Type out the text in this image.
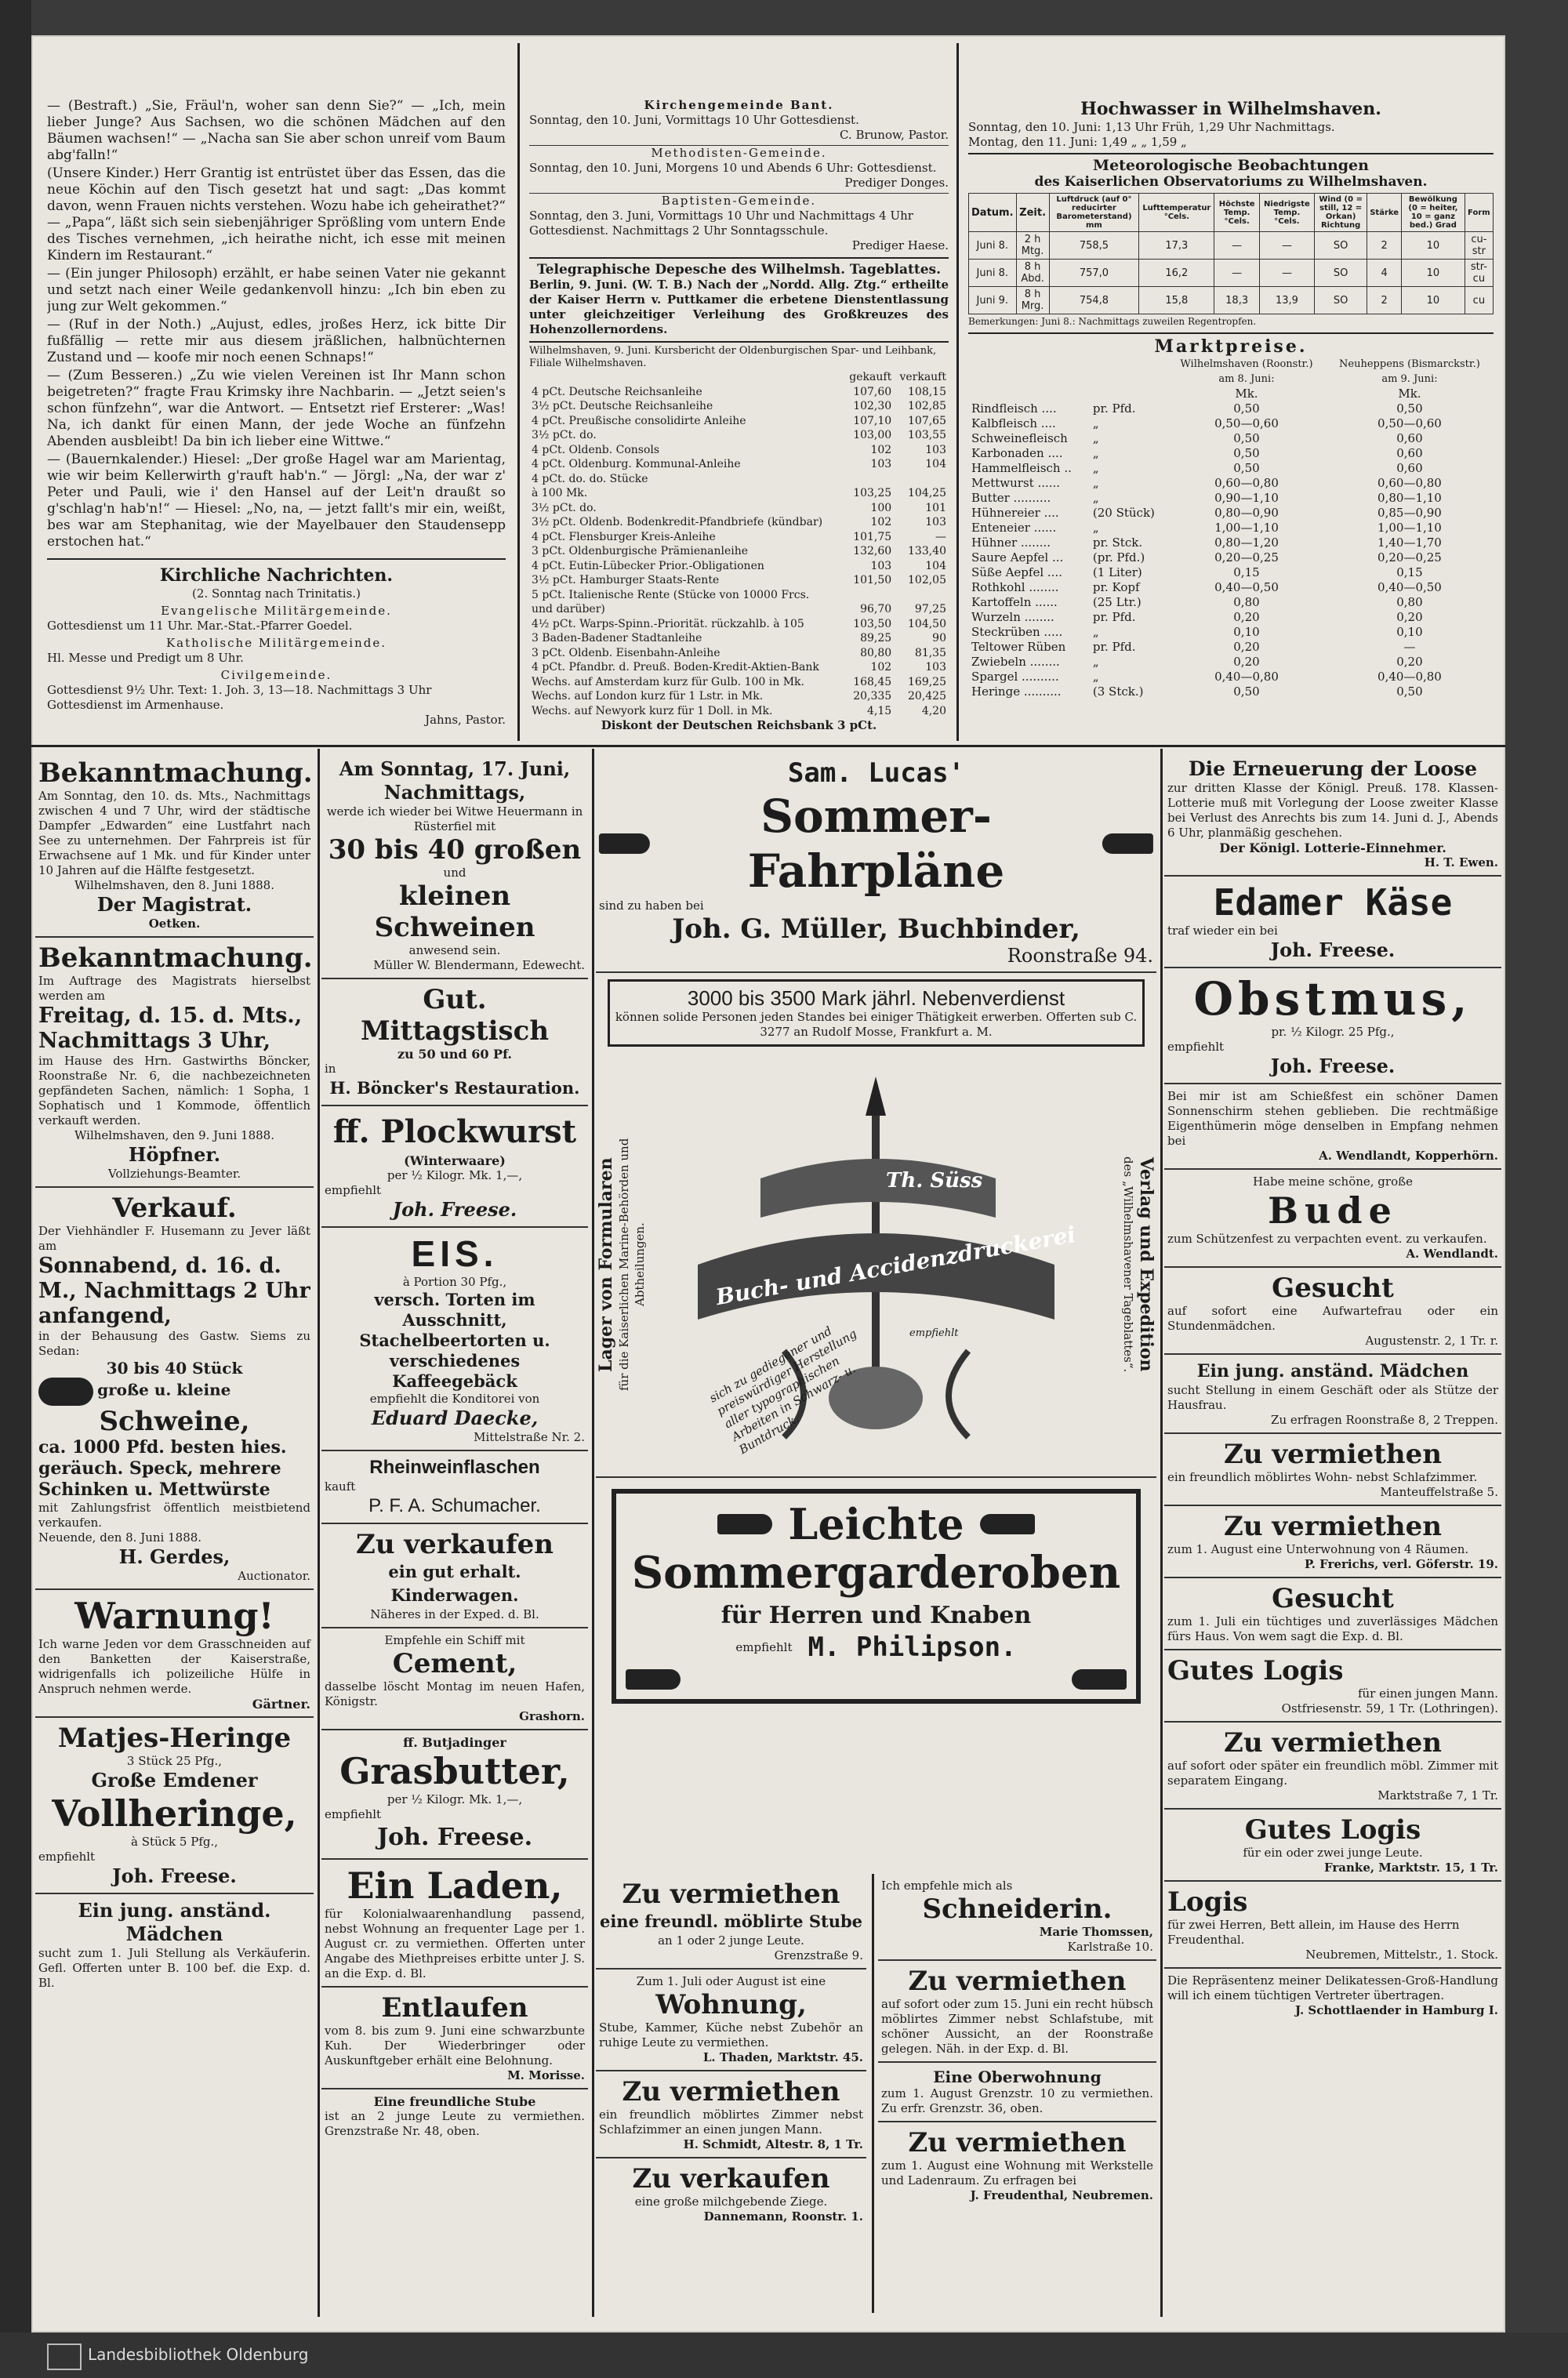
— (Bestraft.) „Sie, Fräul'n, woher san denn Sie?“ — „Ich, mein lieber Junge? Aus Sachsen, wo die schönen Mädchen auf den Bäumen wachsen!“ — „Nacha san Sie aber schon unreif vom Baum abg'falln!“

(Unsere Kinder.) Herr Grantig ist entrüstet über das Essen, das die neue Köchin auf den Tisch gesetzt hat und sagt: „Das kommt davon, wenn Frauen nichts verstehen. Wozu habe ich geheirathet?“ — „Papa“, läßt sich sein siebenjähriger Sprößling vom untern Ende des Tisches vernehmen, „ich heirathe nicht, ich esse mit meinen Kindern im Restaurant.“

— (Ein junger Philosoph) erzählt, er habe seinen Vater nie gekannt und setzt nach einer Weile gedankenvoll hinzu: „Ich bin eben zu jung zur Welt gekommen.“

— (Ruf in der Noth.) „Aujust, edles, jroßes Herz, ick bitte Dir fußfällig — rette mir aus diesem jräßlichen, halbnüchternen Zustand und — koofe mir noch eenen Schnaps!“

— (Zum Besseren.) „Zu wie vielen Vereinen ist Ihr Mann schon beigetreten?“ fragte Frau Krimsky ihre Nachbarin. — „Jetzt seien's schon fünfzehn“, war die Antwort. — Entsetzt rief Ersterer: „Was! Na, ich dankt für einen Mann, der jede Woche an fünfzehn Abenden ausbleibt! Da bin ich lieber eine Wittwe.“

— (Bauernkalender.) Hiesel: „Der große Hagel war am Marientag, wie wir beim Kellerwirth g'rauft hab'n.“ — Jörgl: „Na, der war z' Peter und Pauli, wie i' den Hansel auf der Leit'n draußt so g'schlag'n hab'n!“ — Hiesel: „No, na, — jetzt fallt's mir ein, weißt, bes war am Stephanitag, wie der Mayelbauer den Staudensepp erstochen hat.“

Kirchliche Nachrichten.

(2. Sonntag nach Trinitatis.)

Evangelische Militärgemeinde.

Gottesdienst um 11 Uhr. Mar.-Stat.-Pfarrer Goedel.

Katholische Militärgemeinde.

Hl. Messe und Predigt um 8 Uhr.

Civilgemeinde.

Gottesdienst 9½ Uhr. Text: 1. Joh. 3, 13—18. Nachmittags 3 Uhr Gottesdienst im Armenhause.

Jahns, Pastor.

Kirchengemeinde Bant.

Sonntag, den 10. Juni, Vormittags 10 Uhr Gottesdienst.

C. Brunow, Pastor.

Methodisten-Gemeinde.

Sonntag, den 10. Juni, Morgens 10 und Abends 6 Uhr: Gottesdienst.

Prediger Donges.

Baptisten-Gemeinde.

Sonntag, den 3. Juni, Vormittags 10 Uhr und Nachmittags 4 Uhr Gottesdienst. Nachmittags 2 Uhr Sonntagsschule.

Prediger Haese.

Telegraphische Depesche des Wilhelmsh. Tageblattes.

Berlin, 9. Juni. (W. T. B.) Nach der „Nordd. Allg. Ztg.“ ertheilte der Kaiser Herrn v. Puttkamer die erbetene Dienstentlassung unter gleichzeitiger Verleihung des Großkreuzes des Hohenzollernordens.

Wilhelmshaven, 9. Juni. Kursbericht der Oldenburgischen Spar- und Leihbank, Filiale Wilhelmshaven.

	gekauft	verkauft
4 pCt. Deutsche Reichsanleihe	107,60	108,15
3½ pCt. Deutsche Reichsanleihe	102,30	102,85
4 pCt. Preußische consolidirte Anleihe	107,10	107,65
3½ pCt. do.	103,00	103,55
4 pCt. Oldenb. Consols	102	103
4 pCt. Oldenburg. Kommunal-Anleihe	103	104
4 pCt. do. do. Stücke		
à 100 Mk.	103,25	104,25
3½ pCt. do.	100	101
3½ pCt. Oldenb. Bodenkredit-Pfandbriefe (kündbar)	102	103
4 pCt. Flensburger Kreis-Anleihe	101,75	—
3 pCt. Oldenburgische Prämienanleihe	132,60	133,40
4 pCt. Eutin-Lübecker Prior.-Obligationen	103	104
3½ pCt. Hamburger Staats-Rente	101,50	102,05
5 pCt. Italienische Rente (Stücke von 10000 Frcs.		
und darüber)	96,70	97,25
4½ pCt. Warps-Spinn.-Priorität. rückzahlb. à 105	103,50	104,50
3 Baden-Badener Stadtanleihe	89,25	90
3 pCt. Oldenb. Eisenbahn-Anleihe	80,80	81,35
4 pCt. Pfandbr. d. Preuß. Boden-Kredit-Aktien-Bank	102	103
Wechs. auf Amsterdam kurz für Gulb. 100 in Mk.	168,45	169,25
Wechs. auf London kurz für 1 Lstr. in Mk.	20,335	20,425
Wechs. auf Newyork kurz für 1 Doll. in Mk.	4,15	4,20

Diskont der Deutschen Reichsbank 3 pCt.

Hochwasser in Wilhelmshaven.

Sonntag, den 10. Juni: 1,13 Uhr Früh, 1,29 Uhr Nachmittags.

Montag, den 11. Juni: 1,49 „ „ 1,59 „

Meteorologische Beobachtungen

des Kaiserlichen Observatoriums zu Wilhelmshaven.

Datum.	Zeit.	Luftdruck (auf 0° reducirter Barometerstand) mm	Lufttemperatur °Cels.	Höchste Temp. °Cels.	Niedrigste Temp. °Cels.	Wind (0 = still, 12 = Orkan) Richtung	Stärke	Bewölkung (0 = heiter, 10 = ganz bed.) Grad	Form
Juni 8.	2 h Mtg.	758,5	17,3	—	—	SO	2	10	cu-str
Juni 8.	8 h Abd.	757,0	16,2	—	—	SO	4	10	str-cu
Juni 9.	8 h Mrg.	754,8	15,8	18,3	13,9	SO	2	10	cu

Bemerkungen: Juni 8.: Nachmittags zuweilen Regentropfen.

Marktpreise.

		Wilhelmshaven (Roonstr.)	Neuheppens (Bismarckstr.)
		am 8. Juni:	am 9. Juni:
		Mk.	Mk.
Rindfleisch ....	pr. Pfd.	0,50	0,50
Kalbfleisch ....	„	0,50—0,60	0,50—0,60
Schweinefleisch	„	0,50	0,60
Karbonaden ....	„	0,50	0,60
Hammelfleisch ..	„	0,50	0,60
Mettwurst ......	„	0,60—0,80	0,60—0,80
Butter ..........	„	0,90—1,10	0,80—1,10
Hühnereier ....	(20 Stück)	0,80—0,90	0,85—0,90
Enteneier ......	„	1,00—1,10	1,00—1,10
Hühner ........	pr. Stck.	0,80—1,20	1,40—1,70
Saure Aepfel ...	(pr. Pfd.)	0,20—0,25	0,20—0,25
Süße Aepfel ....	(1 Liter)	0,15	0,15
Rothkohl ........	pr. Kopf	0,40—0,50	0,40—0,50
Kartoffeln ......	(25 Ltr.)	0,80	0,80
Wurzeln ........	pr. Pfd.	0,20	0,20
Steckrüben .....	„	0,10	0,10
Teltower Rüben	pr. Pfd.	0,20	—
Zwiebeln ........	„	0,20	0,20
Spargel ..........	„	0,40—0,80	0,40—0,80
Heringe ..........	(3 Stck.)	0,50	0,50

Bekanntmachung.

Am Sonntag, den 10. ds. Mts., Nachmittags zwischen 4 und 7 Uhr, wird der städtische Dampfer „Edwarden“ eine Lustfahrt nach See zu unternehmen. Der Fahrpreis ist für Erwachsene auf 1 Mk. und für Kinder unter 10 Jahren auf die Hälfte festgesetzt.

Wilhelmshaven, den 8. Juni 1888.

Der Magistrat.

Oetken.

Bekanntmachung.

Im Auftrage des Magistrats hierselbst werden am

Freitag, d. 15. d. Mts., Nachmittags 3 Uhr,

im Hause des Hrn. Gastwirths Böncker, Roonstraße Nr. 6, die nachbezeichneten gepfändeten Sachen, nämlich: 1 Sopha, 1 Sophatisch und 1 Kommode, öffentlich verkauft werden.

Wilhelmshaven, den 9. Juni 1888.

Höpfner.

Vollziehungs-Beamter.

Verkauf.

Der Viehhändler F. Husemann zu Jever läßt am

Sonnabend, d. 16. d. M., Nachmittags 2 Uhr anfangend,

in der Behausung des Gastw. Siems zu Sedan:

30 bis 40 Stück

große u. kleine

Schweine,

ca. 1000 Pfd. besten hies. geräuch. Speck, mehrere Schinken u. Mettwürste

mit Zahlungsfrist öffentlich meistbietend verkaufen.

Neuende, den 8. Juni 1888.

H. Gerdes,

Auctionator.

Warnung!

Ich warne Jeden vor dem Grasschneiden auf den Banketten der Kaiserstraße, widrigenfalls ich polizeiliche Hülfe in Anspruch nehmen werde.

Gärtner.

Matjes-Heringe

3 Stück 25 Pfg.,

Große Emdener

Vollheringe,

à Stück 5 Pfg.,

empfiehlt

Joh. Freese.

Ein jung. anständ. Mädchen

sucht zum 1. Juli Stellung als Verkäuferin. Gefl. Offerten unter B. 100 bef. die Exp. d. Bl.

Am Sonntag, 17. Juni, Nachmittags,

werde ich wieder bei Witwe Heuermann in Rüsterfiel mit

30 bis 40 großen

und

kleinen Schweinen

anwesend sein.

Müller W. Blendermann, Edewecht.

Gut. Mittagstisch

zu 50 und 60 Pf.

in

H. Böncker's Restauration.

ff. Plockwurst

(Winterwaare)

per ½ Kilogr. Mk. 1,—,

empfiehlt

Joh. Freese.

EIS.

à Portion 30 Pfg.,

versch. Torten im Ausschnitt, Stachelbeertorten u. verschiedenes Kaffeegebäck

empfiehlt die Konditorei von

Eduard Daecke,

Mittelstraße Nr. 2.

Rheinweinflaschen

kauft

P. F. A. Schumacher.

Zu verkaufen

ein gut erhalt. Kinderwagen.

Näheres in der Exped. d. Bl.

Empfehle ein Schiff mit

Cement,

dasselbe löscht Montag im neuen Hafen, Königstr.

Grashorn.

ff. Butjadinger

Grasbutter,

per ½ Kilogr. Mk. 1,—,

empfiehlt

Joh. Freese.

Ein Laden,

für Kolonialwaarenhandlung passend, nebst Wohnung an frequenter Lage per 1. August cr. zu vermiethen. Offerten unter Angabe des Miethpreises erbitte unter J. S. an die Exp. d. Bl.

Entlaufen

vom 8. bis zum 9. Juni eine schwarzbunte Kuh. Der Wiederbringer oder Auskunftgeber erhält eine Belohnung.

M. Morisse.

Eine freundliche Stube

ist an 2 junge Leute zu vermiethen. Grenzstraße Nr. 48, oben.

Sam. Lucas'

Sommer-Fahrpläne

sind zu haben bei

Joh. G. Müller, Buchbinder,

Roonstraße 94.

3000 bis 3500 Mark jährl. Nebenverdienst

können solide Personen jeden Standes bei einiger Thätigkeit erwerben. Offerten sub C. 3277 an Rudolf Mosse, Frankfurt a. M.

Lager von Formularen
für die Kaiserlichen Marine-Behörden und Abtheilungen.	Verlag und Expedition
des „Wilhelmshavener Tageblattes“.

Th. Süss

Buch- und Accidenzdruckerei

empfiehlt

sich zu gediegener und preiswürdiger Herstellung aller typographischen Arbeiten in Schwarz- u. Buntdruck.

Leichte

Sommergarderoben

für Herren und Knaben

empfiehlt M. Philipson.

Zu vermiethen

eine freundl. möblirte Stube

an 1 oder 2 junge Leute.

Grenzstraße 9.

Zum 1. Juli oder August ist eine

Wohnung,

Stube, Kammer, Küche nebst Zubehör an ruhige Leute zu vermiethen.

L. Thaden, Marktstr. 45.

Zu vermiethen

ein freundlich möblirtes Zimmer nebst Schlafzimmer an einen jungen Mann.

H. Schmidt, Altestr. 8, 1 Tr.

Zu verkaufen

eine große milchgebende Ziege.

Dannemann, Roonstr. 1.

Ich empfehle mich als

Schneiderin.

Marie Thomssen,

Karlstraße 10.

Zu vermiethen

auf sofort oder zum 15. Juni ein recht hübsch möblirtes Zimmer nebst Schlafstube, mit schöner Aussicht, an der Roonstraße gelegen. Näh. in der Exp. d. Bl.

Eine Oberwohnung

zum 1. August Grenzstr. 10 zu vermiethen. Zu erfr. Grenzstr. 36, oben.

Zu vermiethen

zum 1. August eine Wohnung mit Werkstelle und Ladenraum. Zu erfragen bei

J. Freudenthal, Neubremen.

Die Erneuerung der Loose

zur dritten Klasse der Königl. Preuß. 178. Klassen-Lotterie muß mit Vorlegung der Loose zweiter Klasse bei Verlust des Anrechts bis zum 14. Juni d. J., Abends 6 Uhr, planmäßig geschehen.

Der Königl. Lotterie-Einnehmer.

H. T. Ewen.

Edamer Käse

traf wieder ein bei

Joh. Freese.

Obstmus,

pr. ½ Kilogr. 25 Pfg.,

empfiehlt

Joh. Freese.

Bei mir ist am Schießfest ein schöner Damen Sonnenschirm stehen geblieben. Die rechtmäßige Eigenthümerin möge denselben in Empfang nehmen bei

A. Wendlandt, Kopperhörn.

Habe meine schöne, große

Bude

zum Schützenfest zu verpachten event. zu verkaufen.

A. Wendlandt.

Gesucht

auf sofort eine Aufwartefrau oder ein Stundenmädchen.

Augustenstr. 2, 1 Tr. r.

Ein jung. anständ. Mädchen

sucht Stellung in einem Geschäft oder als Stütze der Hausfrau.

Zu erfragen Roonstraße 8, 2 Treppen.

Zu vermiethen

ein freundlich möblirtes Wohn- nebst Schlafzimmer.

Manteuffelstraße 5.

Zu vermiethen

zum 1. August eine Unterwohnung von 4 Räumen.

P. Frerichs, verl. Göferstr. 19.

Gesucht

zum 1. Juli ein tüchtiges und zuverlässiges Mädchen fürs Haus. Von wem sagt die Exp. d. Bl.

Gutes Logis

für einen jungen Mann.

Ostfriesenstr. 59, 1 Tr. (Lothringen).

Zu vermiethen

auf sofort oder später ein freundlich möbl. Zimmer mit separatem Eingang.

Marktstraße 7, 1 Tr.

Gutes Logis

für ein oder zwei junge Leute.

Franke, Marktstr. 15, 1 Tr.

Logis

für zwei Herren, Bett allein, im Hause des Herrn Freudenthal.

Neubremen, Mittelstr., 1. Stock.

Die Repräsentenz meiner Delikatessen-Groß-Handlung will ich einem tüchtigen Vertreter übertragen.

J. Schottlaender in Hamburg I.

Landesbibliothek Oldenburg
